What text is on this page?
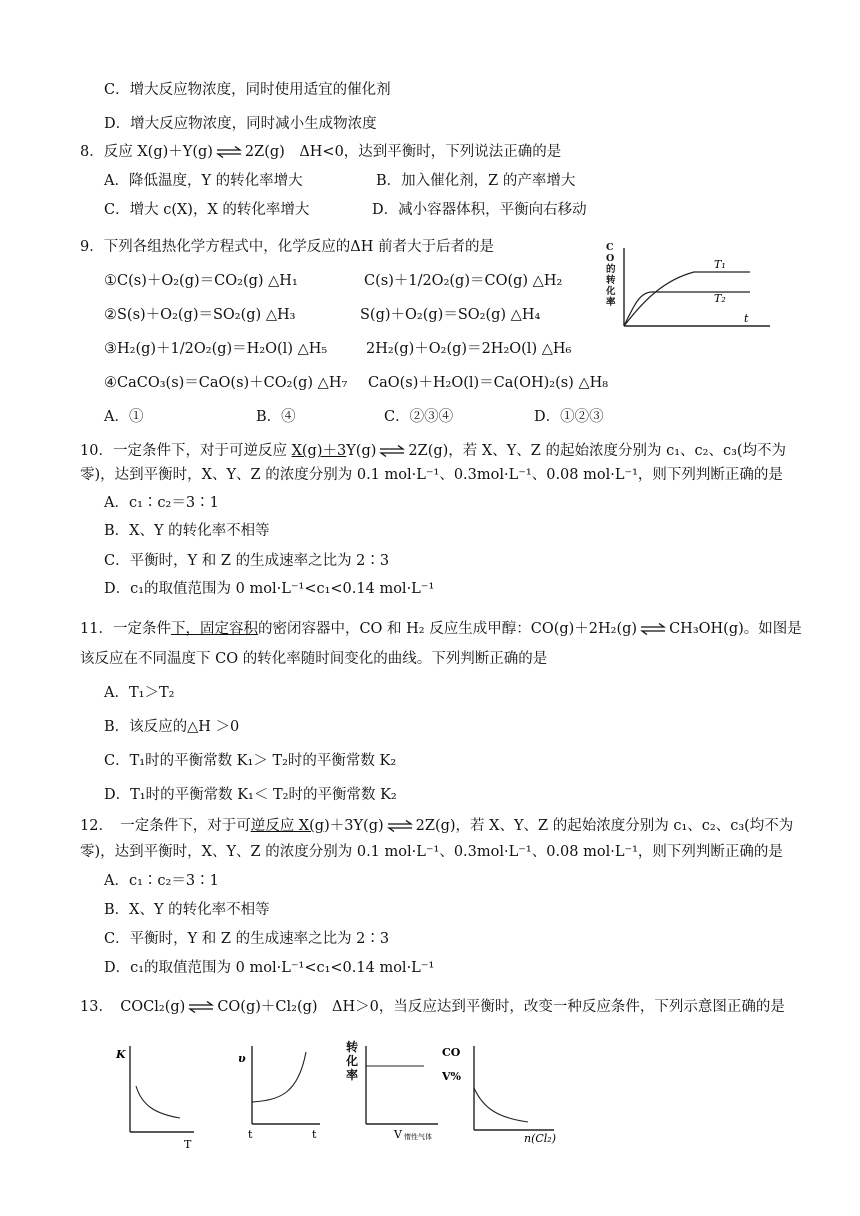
C．增大反应物浓度，同时使用适宜的催化剂
D．增大反应物浓度，同时减小生成物浓度
8．反应 X(g)＋Y(g) ⇌ 2Z(g)　ΔH<0，达到平衡时，下列说法正确的是
A．降低温度，Y 的转化率增大	B．加入催化剂，Z 的产率增大
C．增大 c(X)，X 的转化率增大	D．减小容器体积，平衡向右移动
9．下列各组热化学方程式中，化学反应的ΔH 前者大于后者的是
①C(s)＋O₂(g)＝CO₂(g) △H₁	C(s)＋1/2O₂(g)＝CO(g) △H₂
②S(s)＋O₂(g)＝SO₂(g) △H₃	S(g)＋O₂(g)＝SO₂(g) △H₄
③H₂(g)＋1/2O₂(g)＝H₂O(l) △H₅	2H₂(g)＋O₂(g)＝2H₂O(l) △H₆
④CaCO₃(s)＝CaO(s)＋CO₂(g) △H₇ CaO(s)＋H₂O(l)＝Ca(OH)₂(s) △H₈
A．①	B．④	C．②③④	D．①②③
T₁
T₂
t
CO的转化率
10．一定条件下，对于可逆反应 X(g)＋3Y(g) ⇌ 2Z(g)，若 X、Y、Z 的起始浓度分别为 c₁、c₂、c₃(均不为
零)，达到平衡时，X、Y、Z 的浓度分别为 0.1 mol·L⁻¹、0.3mol·L⁻¹、0.08 mol·L⁻¹，则下列判断正确的是
A．c₁∶c₂＝3∶1
B．X、Y 的转化率不相等
C．平衡时，Y 和 Z 的生成速率之比为 2∶3
D．c₁的取值范围为 0 mol·L⁻¹<c₁<0.14 mol·L⁻¹
11．一定条件下，固定容积的密闭容器中，CO 和 H₂ 反应生成甲醇：CO(g)＋2H₂(g) ⇌ CH₃OH(g)。如图是
该反应在不同温度下 CO 的转化率随时间变化的曲线。下列判断正确的是
A．T₁＞T₂
B．该反应的△H ＞0
C．T₁时的平衡常数 K₁＞ T₂时的平衡常数 K₂
D．T₁时的平衡常数 K₁＜ T₂时的平衡常数 K₂
12．　一定条件下，对于可逆反应 X(g)＋3Y(g) ⇌ 2Z(g)，若 X、Y、Z 的起始浓度分别为 c₁、c₂、c₃(均不为
零)，达到平衡时，X、Y、Z 的浓度分别为 0.1 mol·L⁻¹、0.3mol·L⁻¹、0.08 mol·L⁻¹，则下列判断正确的是
A．c₁∶c₂＝3∶1
B．X、Y 的转化率不相等
C．平衡时，Y 和 Z 的生成速率之比为 2∶3
D．c₁的取值范围为 0 mol·L⁻¹<c₁<0.14 mol·L⁻¹
13．　COCl₂(g) ⇌ CO(g)＋Cl₂(g)　ΔH＞0，当反应达到平衡时，改变一种反应条件，下列示意图正确的是
K
T
υ
t	t
转化率
V 惰性气体
CO
V%
n(Cl₂)
